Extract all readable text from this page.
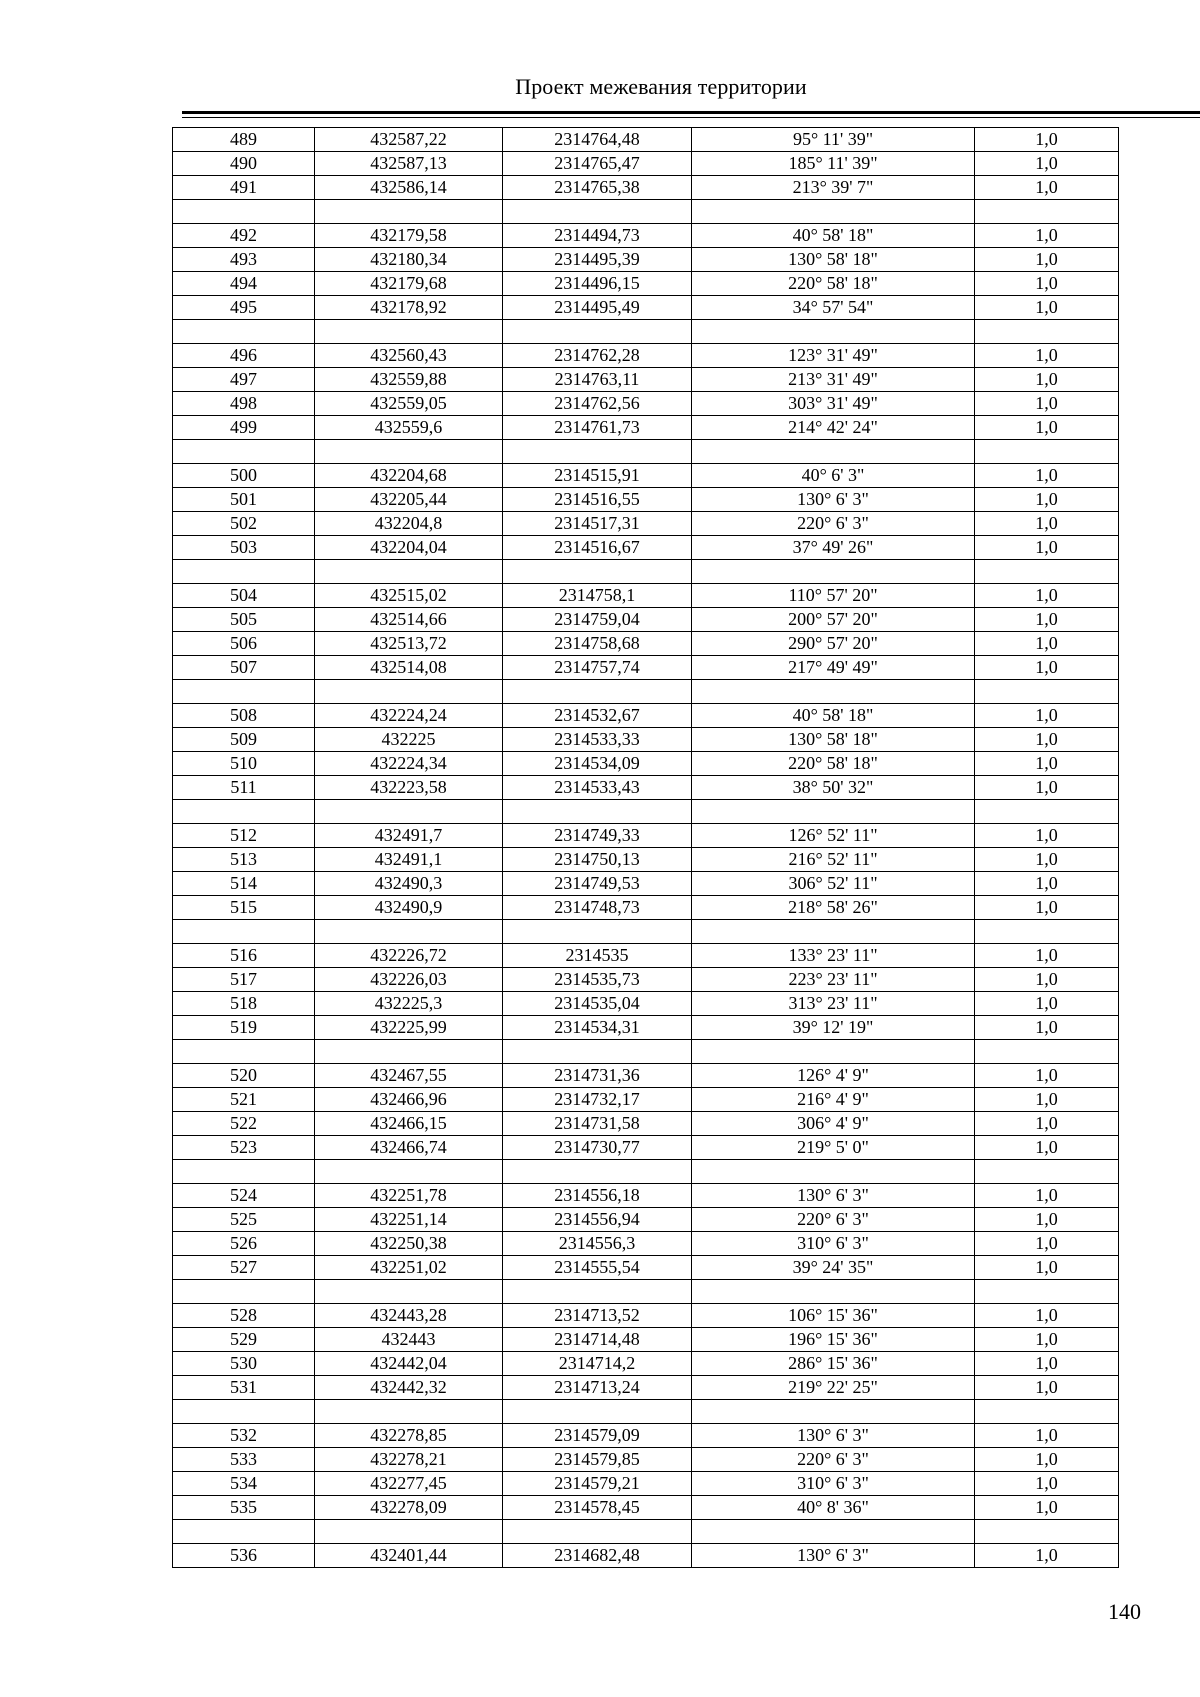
Проект межевания территории
489	432587,22	2314764,48	95° 11' 39"	1,0
490	432587,13	2314765,47	185° 11' 39"	1,0
491	432586,14	2314765,38	213° 39' 7"	1,0

492	432179,58	2314494,73	40° 58' 18"	1,0
493	432180,34	2314495,39	130° 58' 18"	1,0
494	432179,68	2314496,15	220° 58' 18"	1,0
495	432178,92	2314495,49	34° 57' 54"	1,0

496	432560,43	2314762,28	123° 31' 49"	1,0
497	432559,88	2314763,11	213° 31' 49"	1,0
498	432559,05	2314762,56	303° 31' 49"	1,0
499	432559,6	2314761,73	214° 42' 24"	1,0

500	432204,68	2314515,91	40° 6' 3"	1,0
501	432205,44	2314516,55	130° 6' 3"	1,0
502	432204,8	2314517,31	220° 6' 3"	1,0
503	432204,04	2314516,67	37° 49' 26"	1,0

504	432515,02	2314758,1	110° 57' 20"	1,0
505	432514,66	2314759,04	200° 57' 20"	1,0
506	432513,72	2314758,68	290° 57' 20"	1,0
507	432514,08	2314757,74	217° 49' 49"	1,0

508	432224,24	2314532,67	40° 58' 18"	1,0
509	432225	2314533,33	130° 58' 18"	1,0
510	432224,34	2314534,09	220° 58' 18"	1,0
511	432223,58	2314533,43	38° 50' 32"	1,0

512	432491,7	2314749,33	126° 52' 11"	1,0
513	432491,1	2314750,13	216° 52' 11"	1,0
514	432490,3	2314749,53	306° 52' 11"	1,0
515	432490,9	2314748,73	218° 58' 26"	1,0

516	432226,72	2314535	133° 23' 11"	1,0
517	432226,03	2314535,73	223° 23' 11"	1,0
518	432225,3	2314535,04	313° 23' 11"	1,0
519	432225,99	2314534,31	39° 12' 19"	1,0

520	432467,55	2314731,36	126° 4' 9"	1,0
521	432466,96	2314732,17	216° 4' 9"	1,0
522	432466,15	2314731,58	306° 4' 9"	1,0
523	432466,74	2314730,77	219° 5' 0"	1,0

524	432251,78	2314556,18	130° 6' 3"	1,0
525	432251,14	2314556,94	220° 6' 3"	1,0
526	432250,38	2314556,3	310° 6' 3"	1,0
527	432251,02	2314555,54	39° 24' 35"	1,0

528	432443,28	2314713,52	106° 15' 36"	1,0
529	432443	2314714,48	196° 15' 36"	1,0
530	432442,04	2314714,2	286° 15' 36"	1,0
531	432442,32	2314713,24	219° 22' 25"	1,0

532	432278,85	2314579,09	130° 6' 3"	1,0
533	432278,21	2314579,85	220° 6' 3"	1,0
534	432277,45	2314579,21	310° 6' 3"	1,0
535	432278,09	2314578,45	40° 8' 36"	1,0

536	432401,44	2314682,48	130° 6' 3"	1,0
140
